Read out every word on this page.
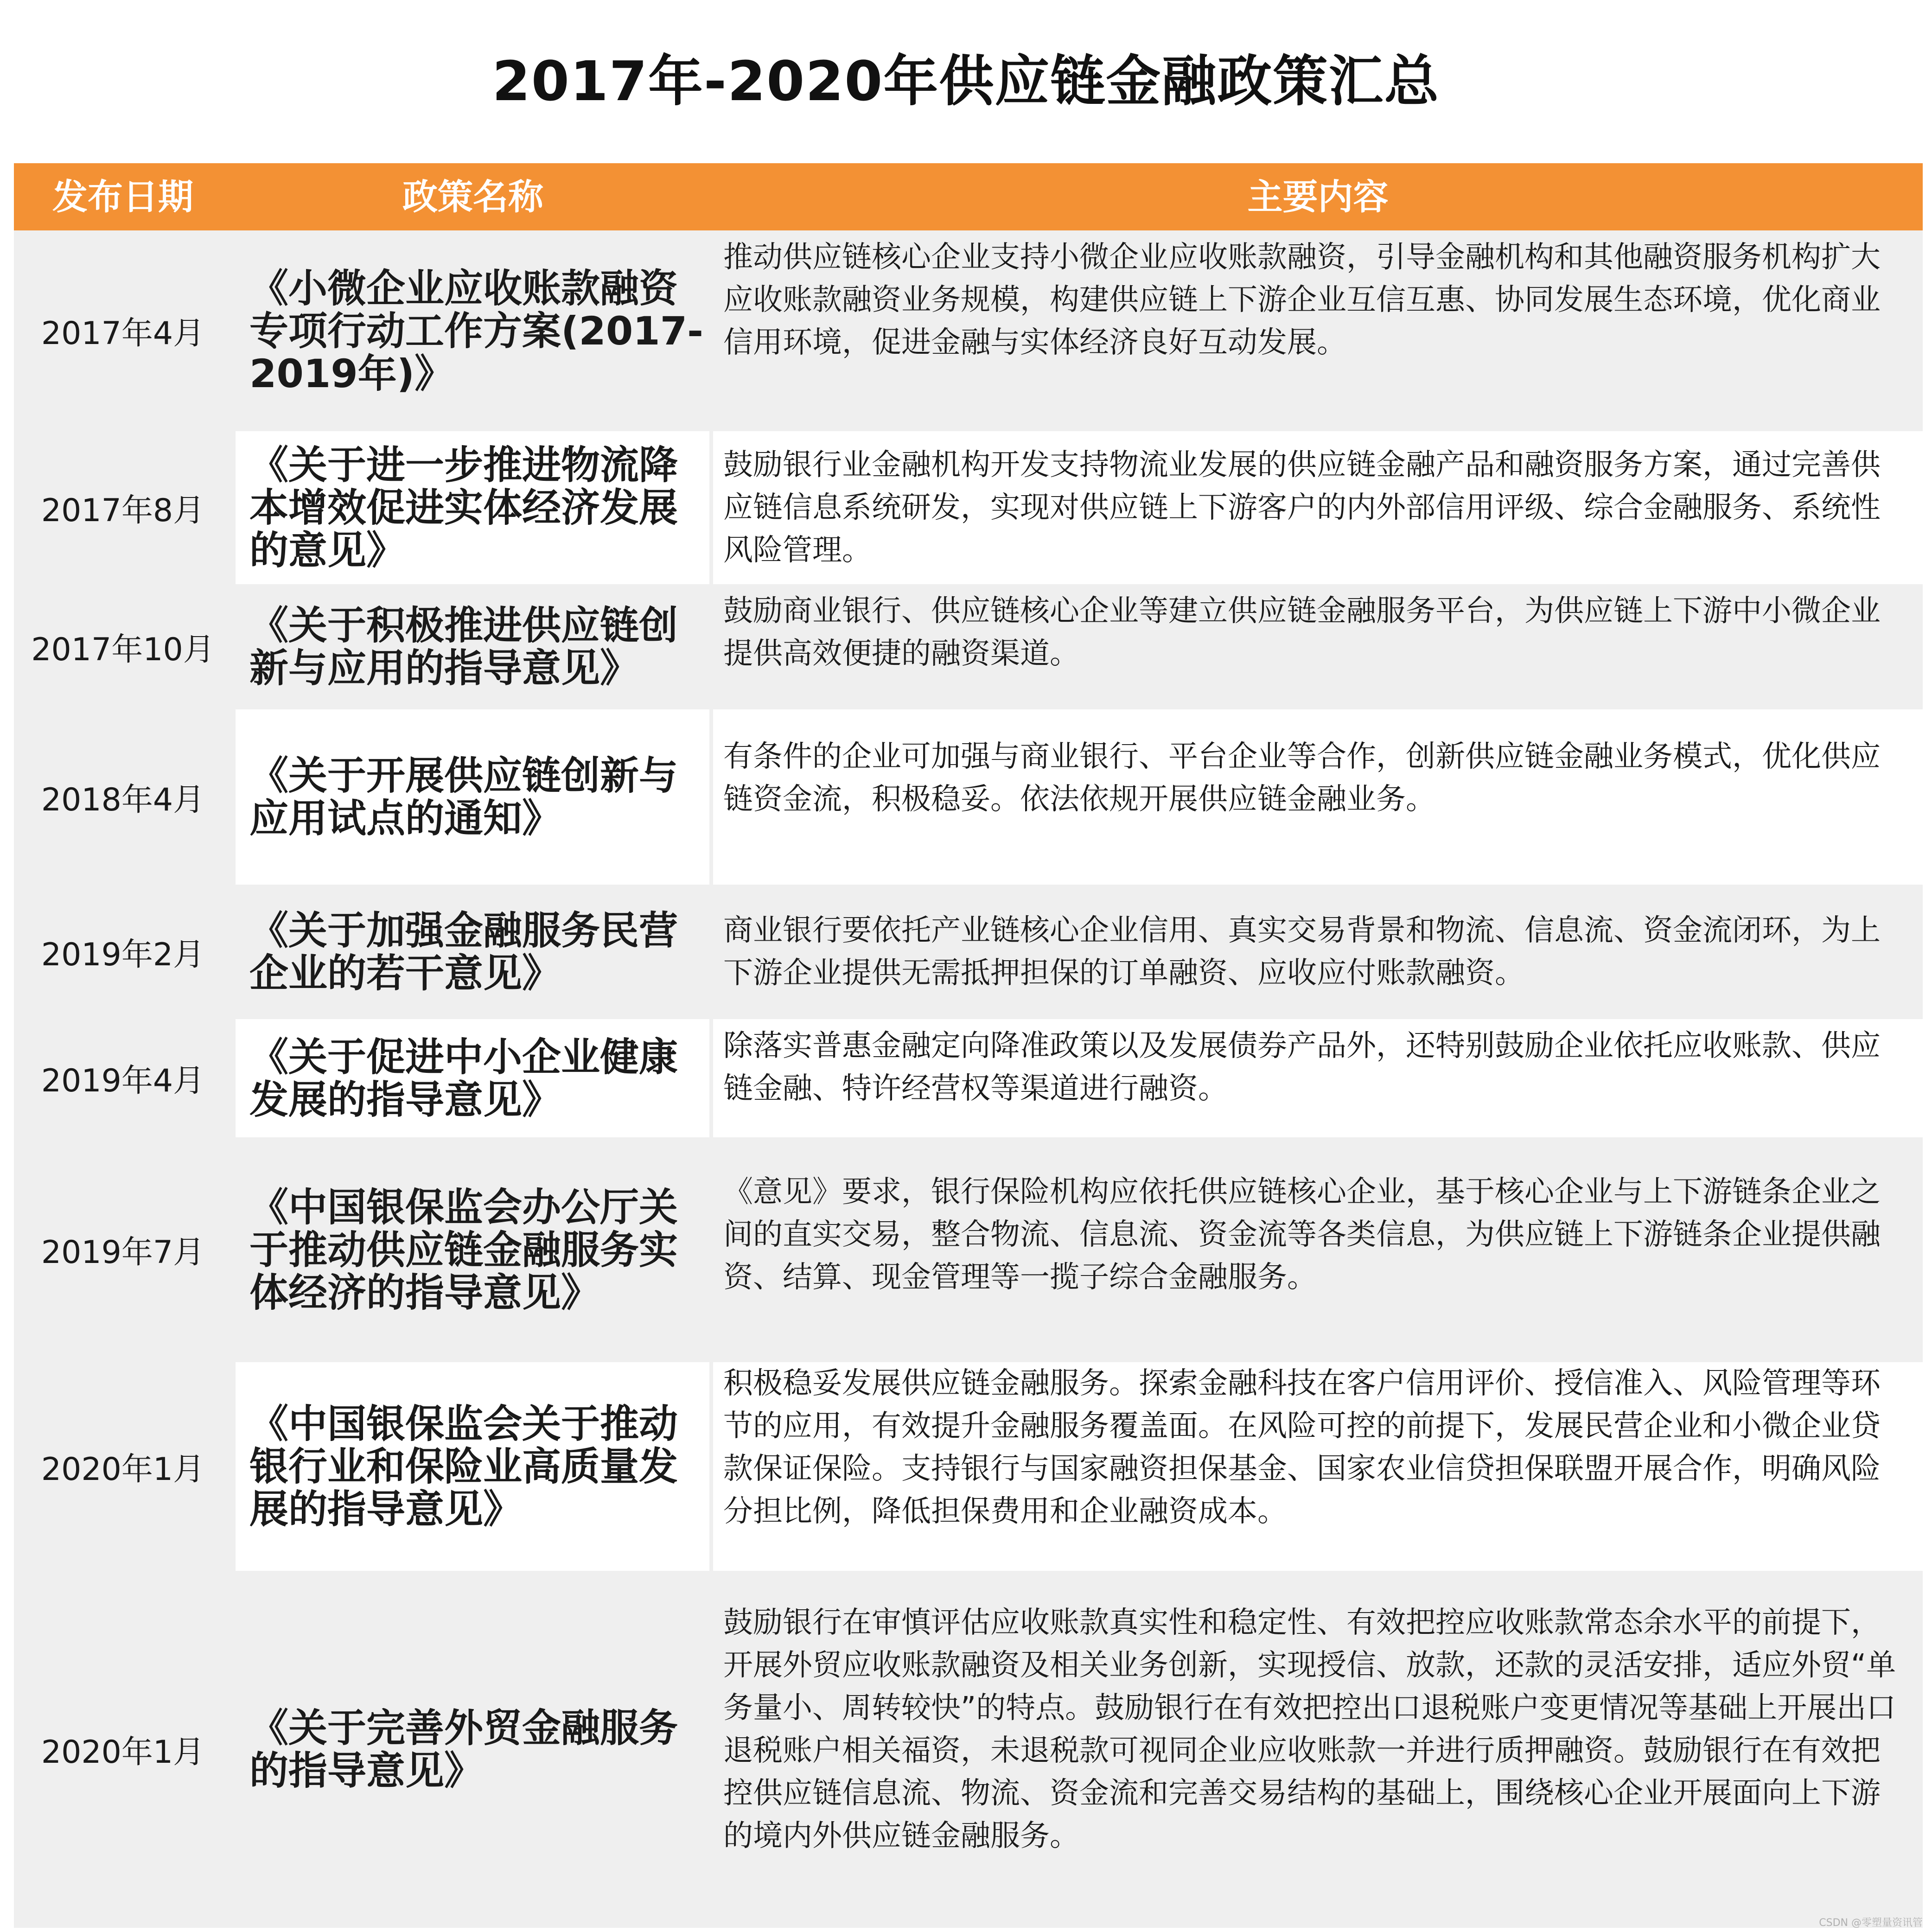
2017年-2020年供应链金融政策汇总
发布日期	政策名称	主要内容
2017年4月
《小微企业应收账款融资专项行动工作方案(2017-2019年)》
推动供应链核心企业支持小微企业应收账款融资，引导金融机构和其他融资服务机构扩大应收账款融资业务规模，构建供应链上下游企业互信互惠、协同发展生态环境，优化商业信用环境，促进金融与实体经济良好互动发展。
2017年8月
《关于进一步推进物流降本增效促进实体经济发展的意见》
鼓励银行业金融机构开发支持物流业发展的供应链金融产品和融资服务方案，通过完善供应链信息系统研发，实现对供应链上下游客户的内外部信用评级、综合金融服务、系统性风险管理。
2017年10月
《关于积极推进供应链创新与应用的指导意见》
鼓励商业银行、供应链核心企业等建立供应链金融服务平台，为供应链上下游中小微企业提供高效便捷的融资渠道。
2018年4月
《关于开展供应链创新与应用试点的通知》
有条件的企业可加强与商业银行、平台企业等合作，创新供应链金融业务模式，优化供应链资金流，积极稳妥。依法依规开展供应链金融业务。
2019年2月
《关于加强金融服务民营企业的若干意见》
商业银行要依托产业链核心企业信用、真实交易背景和物流、信息流、资金流闭环，为上下游企业提供无需抵押担保的订单融资、应收应付账款融资。
2019年4月
《关于促进中小企业健康发展的指导意见》
除落实普惠金融定向降准政策以及发展债券产品外，还特别鼓励企业依托应收账款、供应链金融、特许经营权等渠道进行融资。
2019年7月
《中国银保监会办公厅关于推动供应链金融服务实体经济的指导意见》
《意见》要求，银行保险机构应依托供应链核心企业，基于核心企业与上下游链条企业之间的直实交易，整合物流、信息流、资金流等各类信息，为供应链上下游链条企业提供融资、结算、现金管理等一揽子综合金融服务。
2020年1月
《中国银保监会关于推动银行业和保险业高质量发展的指导意见》
积极稳妥发展供应链金融服务。探索金融科技在客户信用评价、授信准入、风险管理等环节的应用，有效提升金融服务覆盖面。在风险可控的前提下，发展民营企业和小微企业贷款保证保险。支持银行与国家融资担保基金、国家农业信贷担保联盟开展合作，明确风险分担比例，降低担保费用和企业融资成本。
2020年1月
《关于完善外贸金融服务的指导意见》
鼓励银行在审慎评估应收账款真实性和稳定性、有效把控应收账款常态余水平的前提下，开展外贸应收账款融资及相关业务创新，实现授信、放款，还款的灵活安排，适应外贸“单务量小、周转较快”的特点。鼓励银行在有效把控出口退税账户变更情况等基础上开展出口退税账户相关福资，未退税款可视同企业应收账款一并进行质押融资。鼓励银行在有效把控供应链信息流、物流、资金流和完善交易结构的基础上，围绕核心企业开展面向上下游的境内外供应链金融服务。
CSDN @零塑量资讯管
